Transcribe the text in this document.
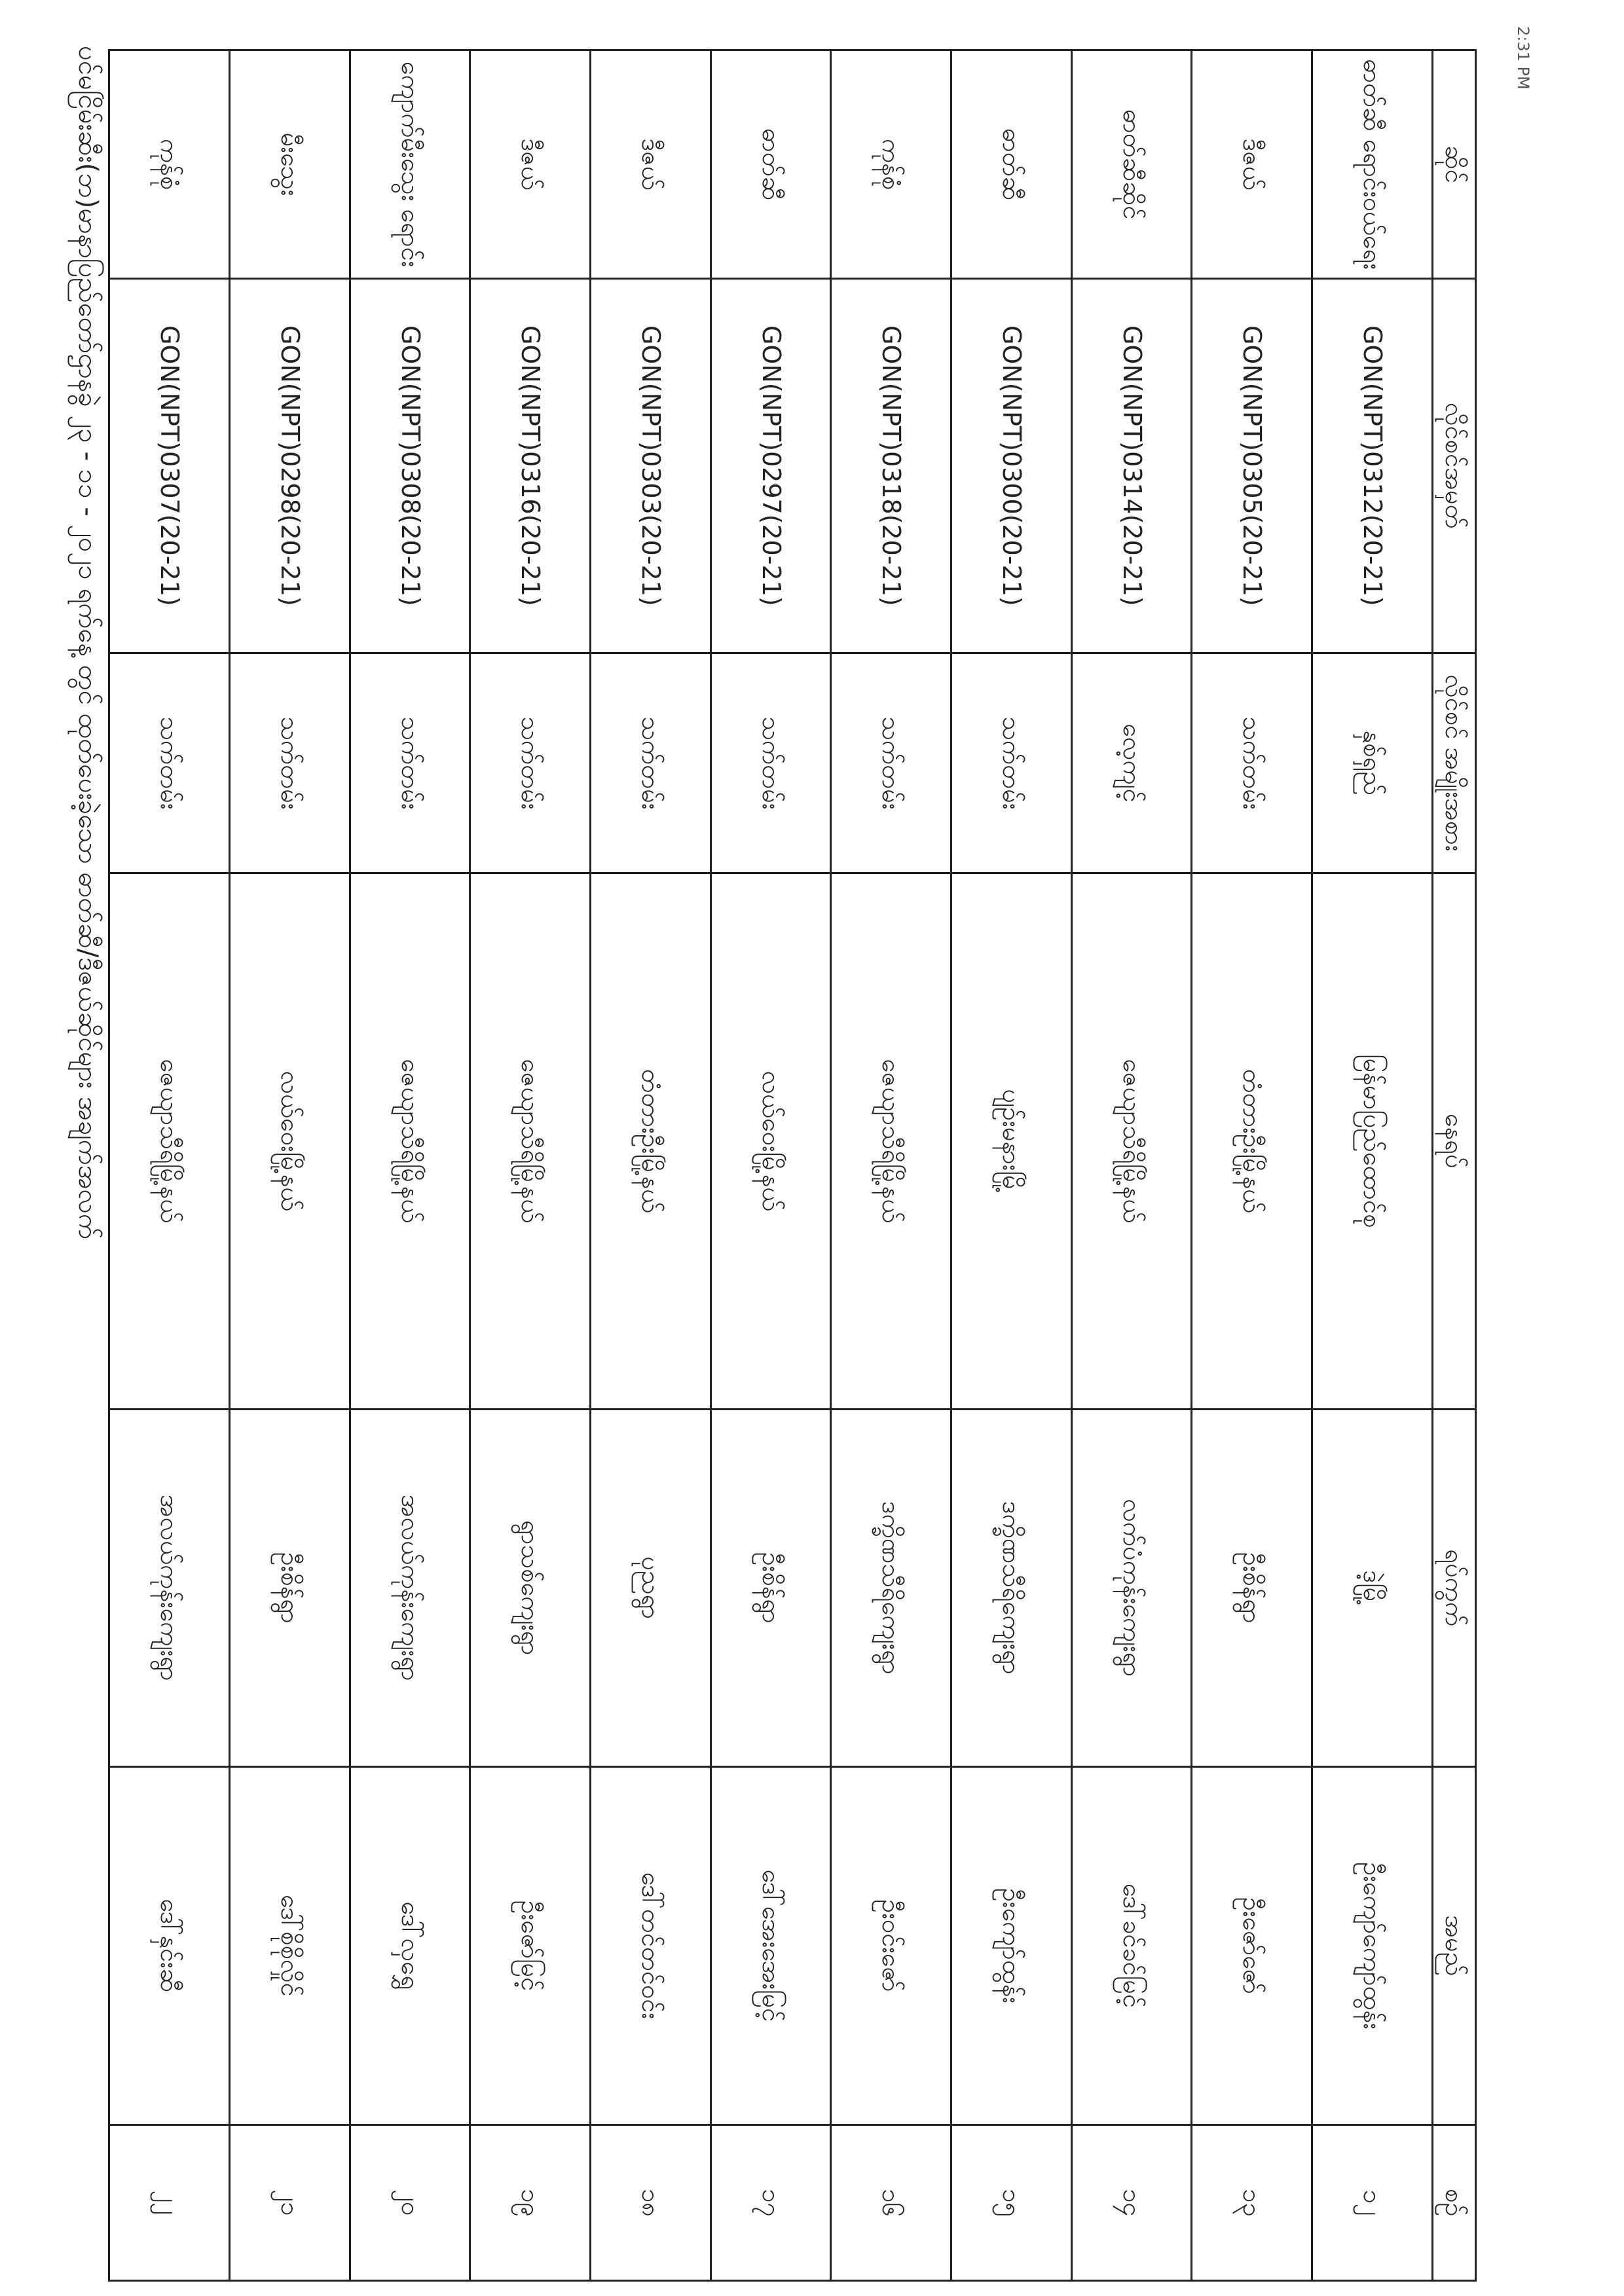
2:31 PM
ဆိုင်	လိုင်စင်အမှတ်	လိုင်စင် အမျိုးအစား	နေရပ်	ရပ်ကွက်	အမည်	စဉ်
ဓာတ်ဆီ ရောင်းဝယ်ရေး	GON(NPT)0312(20-21)	နှစ်ရှည်	မြန်မာပြည်ထောင်စု	ဒဲ့မြို့	ဦးကျော်ကျော်ထွန်း	၁၂
ဒီဇယ်	GON(NPT)0305(20-21)	သက်တမ်း	တံတားဦးမြို့နယ်	ဦးစိန်ရွာ	ဦးဇော်ဇော်	၁၃
ဓာတ်ဆီဆိုင်	GON(NPT)0314(20-21)	လေ့ကျင့်	ဇေယျာသီရိမြို့နယ်	လက်ပံကုန်းကျေးရွာ	ဒေါ်ခင်ခင်မြင့်	၁၄
ဓာတ်ဆီ	GON(NPT)0300(20-21)	သက်တမ်း	ပျဉ်းမနားမြို့	ဒက္ခိဏသီရိကျေးရွာ	ဦးကျော်ထွန်း	၁၅
ကုန်စုံ	GON(NPT)0318(20-21)	သက်တမ်း	ဇေယျာသီရိမြို့နယ်	ဒက္ခိဏသီရိကျေးရွာ	ဦးဝင်းဇော်	၁၆
ဓာတ်ဆီ	GON(NPT)0297(20-21)	သက်တမ်း	လယ်ဝေးမြို့နယ်	ဦးစိန်ရွာ	ဒေါ်အေးအေးမြင့်	၁၇
ဒီဇယ်	GON(NPT)0303(20-21)	သက်တမ်း	တံတားဦးမြို့နယ်	ပုညရွာ	ဒေါ်တင်တင်ဝင်း	၁၈
ဒီဇယ်	GON(NPT)0316(20-21)	သက်တမ်း	ဇေယျာသီရိမြို့နယ်	ရွာသစ်ကျေးရွာ	ဦးဇော်မြင့်	၁၉
ကျောက်မီးသွေး ရောင်း	GON(NPT)0308(20-21)	သက်တမ်း	ဇေယျာသီရိမြို့နယ်	အလယ်ကုန်းကျေးရွာ	ဒေါ်လှရွှေ	၂၀
မီးသွေး	GON(NPT)0298(20-21)	သက်တမ်း	လယ်ဝေးမြို့နယ်	ဦးစိန်ရွာ	ဒေါ်စိုစိုလှိုင်	၂၁
ကုန်စုံ	GON(NPT)0307(20-21)	သက်တမ်း	ဇေယျာသီရိမြို့နယ်	အလယ်ကုန်းကျေးရွာ	ဒေါ်နှင်းဆီ	၂၂
ပင်မငြိမ်းဆီး(ဘ)မာနာပြည်တော်ဌာနခွဲ ၂၃ - ၁၁ - ၂၀၂၁ ရက်နေ့ တွင် ထုတ်ပေးခဲ့သော ဓာတ်ဆီ/ဒီဇယ်ဆိုင်များ အချက်အလက်
